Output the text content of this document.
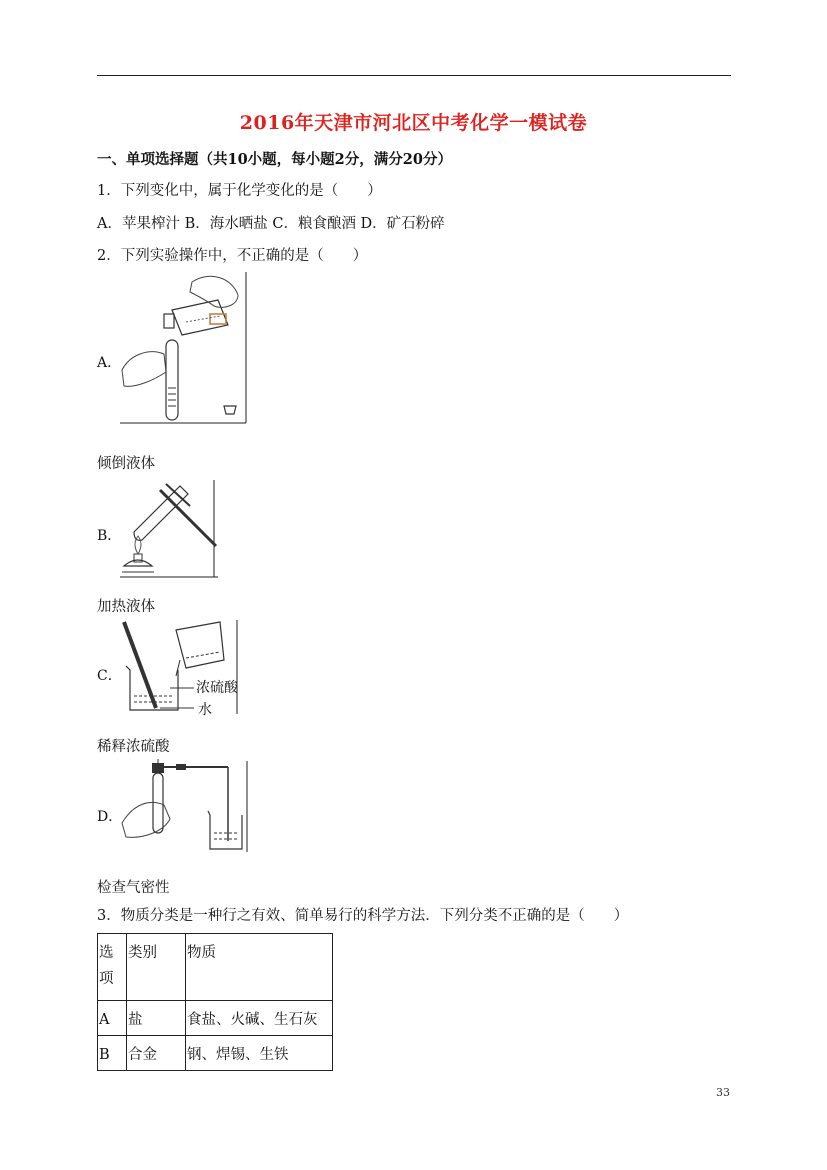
2016年天津市河北区中考化学一模试卷
一、单项选择题（共10小题，每小题2分，满分20分）
1．下列变化中，属于化学变化的是（　　）
A．苹果榨汁 B．海水晒盐 C．粮食酿酒 D．矿石粉碎
2．下列实验操作中，不正确的是（　　）
A．
倾倒液体
B．
加热液体
C．
浓硫酸
水
稀释浓硫酸
D．
检查气密性
3．物质分类是一种行之有效、简单易行的科学方法．下列分类不正确的是（　　）
选项	类别	物质
A	盐	食盐、火碱、生石灰
B	合金	钢、焊锡、生铁
33
